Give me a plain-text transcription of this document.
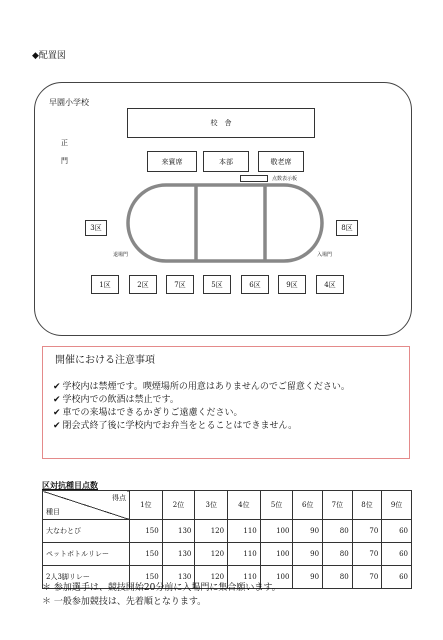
◆配置図
早園小学校
正
門
校　舎
来賓席	本部	敬老席
点数表示板
3区	8区
退場門	入場門
1区	2区	7区	5区	6区	9区	4区
開催における注意事項
✔ 学校内は禁煙です。喫煙場所の用意はありませんのでご留意ください。
✔ 学校内での飲酒は禁止です。
✔ 車での来場はできるかぎりご遠慮ください。
✔ 閉会式終了後に学校内でお弁当をとることはできません。
区対抗種目点数
得点
種目	1位	2位	3位	4位	5位	6位	7位	8位	9位
大なわとび	150	130	120	110	100	90	80	70	60
ペットボトルリレー	150	130	120	110	100	90	80	70	60
2人3脚リレー	150	130	120	110	100	90	80	70	60
＊ 参加選手は、競技開始20分前に入場門に集合願います。
＊ 一般参加競技は、先着順となります。
